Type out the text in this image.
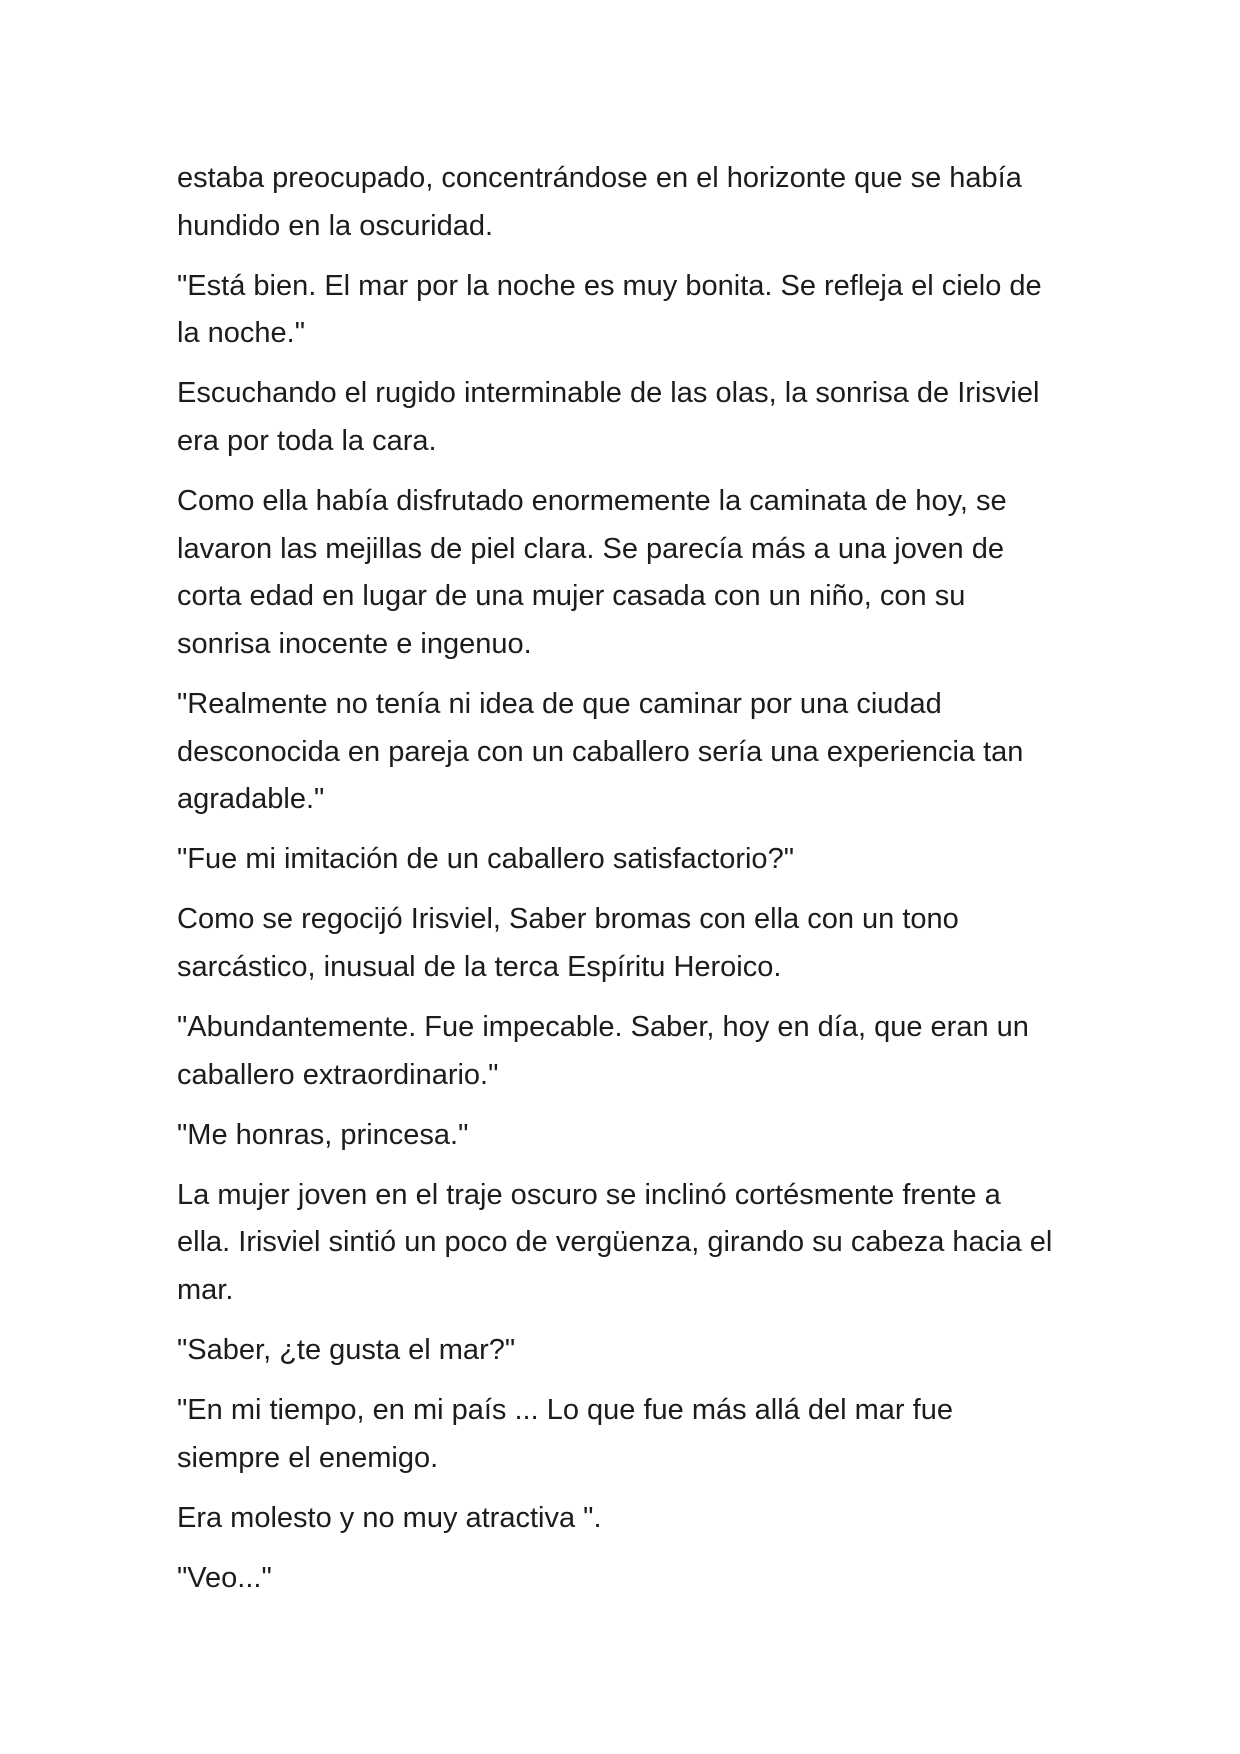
estaba preocupado, concentrándose en el horizonte que se había
hundido en la oscuridad.

"Está bien. El mar por la noche es muy bonita. Se refleja el cielo de
la noche."

Escuchando el rugido interminable de las olas, la sonrisa de Irisviel
era por toda la cara.

Como ella había disfrutado enormemente la caminata de hoy, se
lavaron las mejillas de piel clara. Se parecía más a una joven de
corta edad en lugar de una mujer casada con un niño, con su
sonrisa inocente e ingenuo.

"Realmente no tenía ni idea de que caminar por una ciudad
desconocida en pareja con un caballero sería una experiencia tan
agradable."

"Fue mi imitación de un caballero satisfactorio?"

Como se regocijó Irisviel, Saber bromas con ella con un tono
sarcástico, inusual de la terca Espíritu Heroico.

"Abundantemente. Fue impecable. Saber, hoy en día, que eran un
caballero extraordinario."

"Me honras, princesa."

La mujer joven en el traje oscuro se inclinó cortésmente frente a
ella. Irisviel sintió un poco de vergüenza, girando su cabeza hacia el
mar.

"Saber, ¿te gusta el mar?"

"En mi tiempo, en mi país ... Lo que fue más allá del mar fue
siempre el enemigo.

Era molesto y no muy atractiva ".

"Veo..."
